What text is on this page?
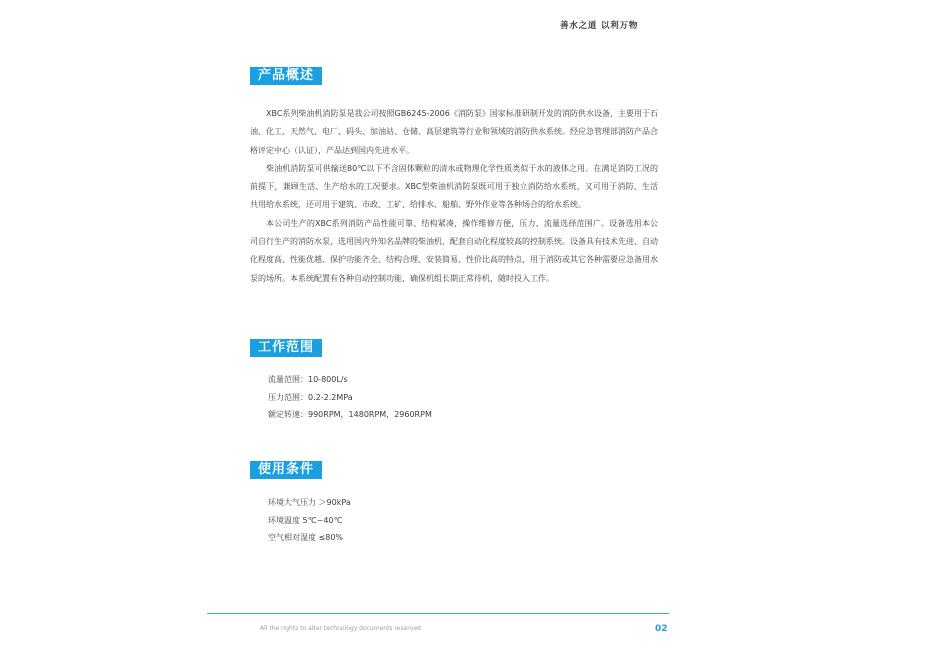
善水之道 以利万物
产品概述

XBC系列柴油机消防泵是我公司按照GB6245-2006《消防泵》国家标准研制开发的消防供水设备，主要用于石油、化工、天然气、电厂、码头、加油站、仓储、高层建筑等行业和领域的消防供水系统。经应急管理部消防产品合格评定中心（认证），产品达到国内先进水平。

柴油机消防泵可供输送80℃以下不含固体颗粒的清水或物理化学性质类似于水的液体之用。在满足消防工况的前提下，兼顾生活、生产给水的工况要求。XBC型柴油机消防泵既可用于独立消防给水系统，又可用于消防、生活共用给水系统，还可用于建筑、市政、工矿、给排水、船舶、野外作业等各种场合的给水系统。

本公司生产的XBC系列消防产品性能可靠、结构紧凑，操作维修方便，压力、流量选择范围广。设备选用本公司自行生产的消防水泵，选用国内外知名品牌的柴油机，配套自动化程度较高的控制系统。设备具有技术先进、自动化程度高、性能优越、保护功能齐全、结构合理、安装简易、性价比高的特点，用于消防或其它各种需要应急备用水泵的场所。本系统配置有各种自动控制功能，确保机组长期正常待机，随时投入工作。

工作范围
流量范围：10-800L/s
压力范围：0.2-2.2MPa
额定转速：990RPM，1480RPM，2960RPM
使用条件
环境大气压力 ＞90kPa
环境温度 5℃~40℃
空气相对湿度 ≤80%
All the rights to alter technology documents reserved	02
